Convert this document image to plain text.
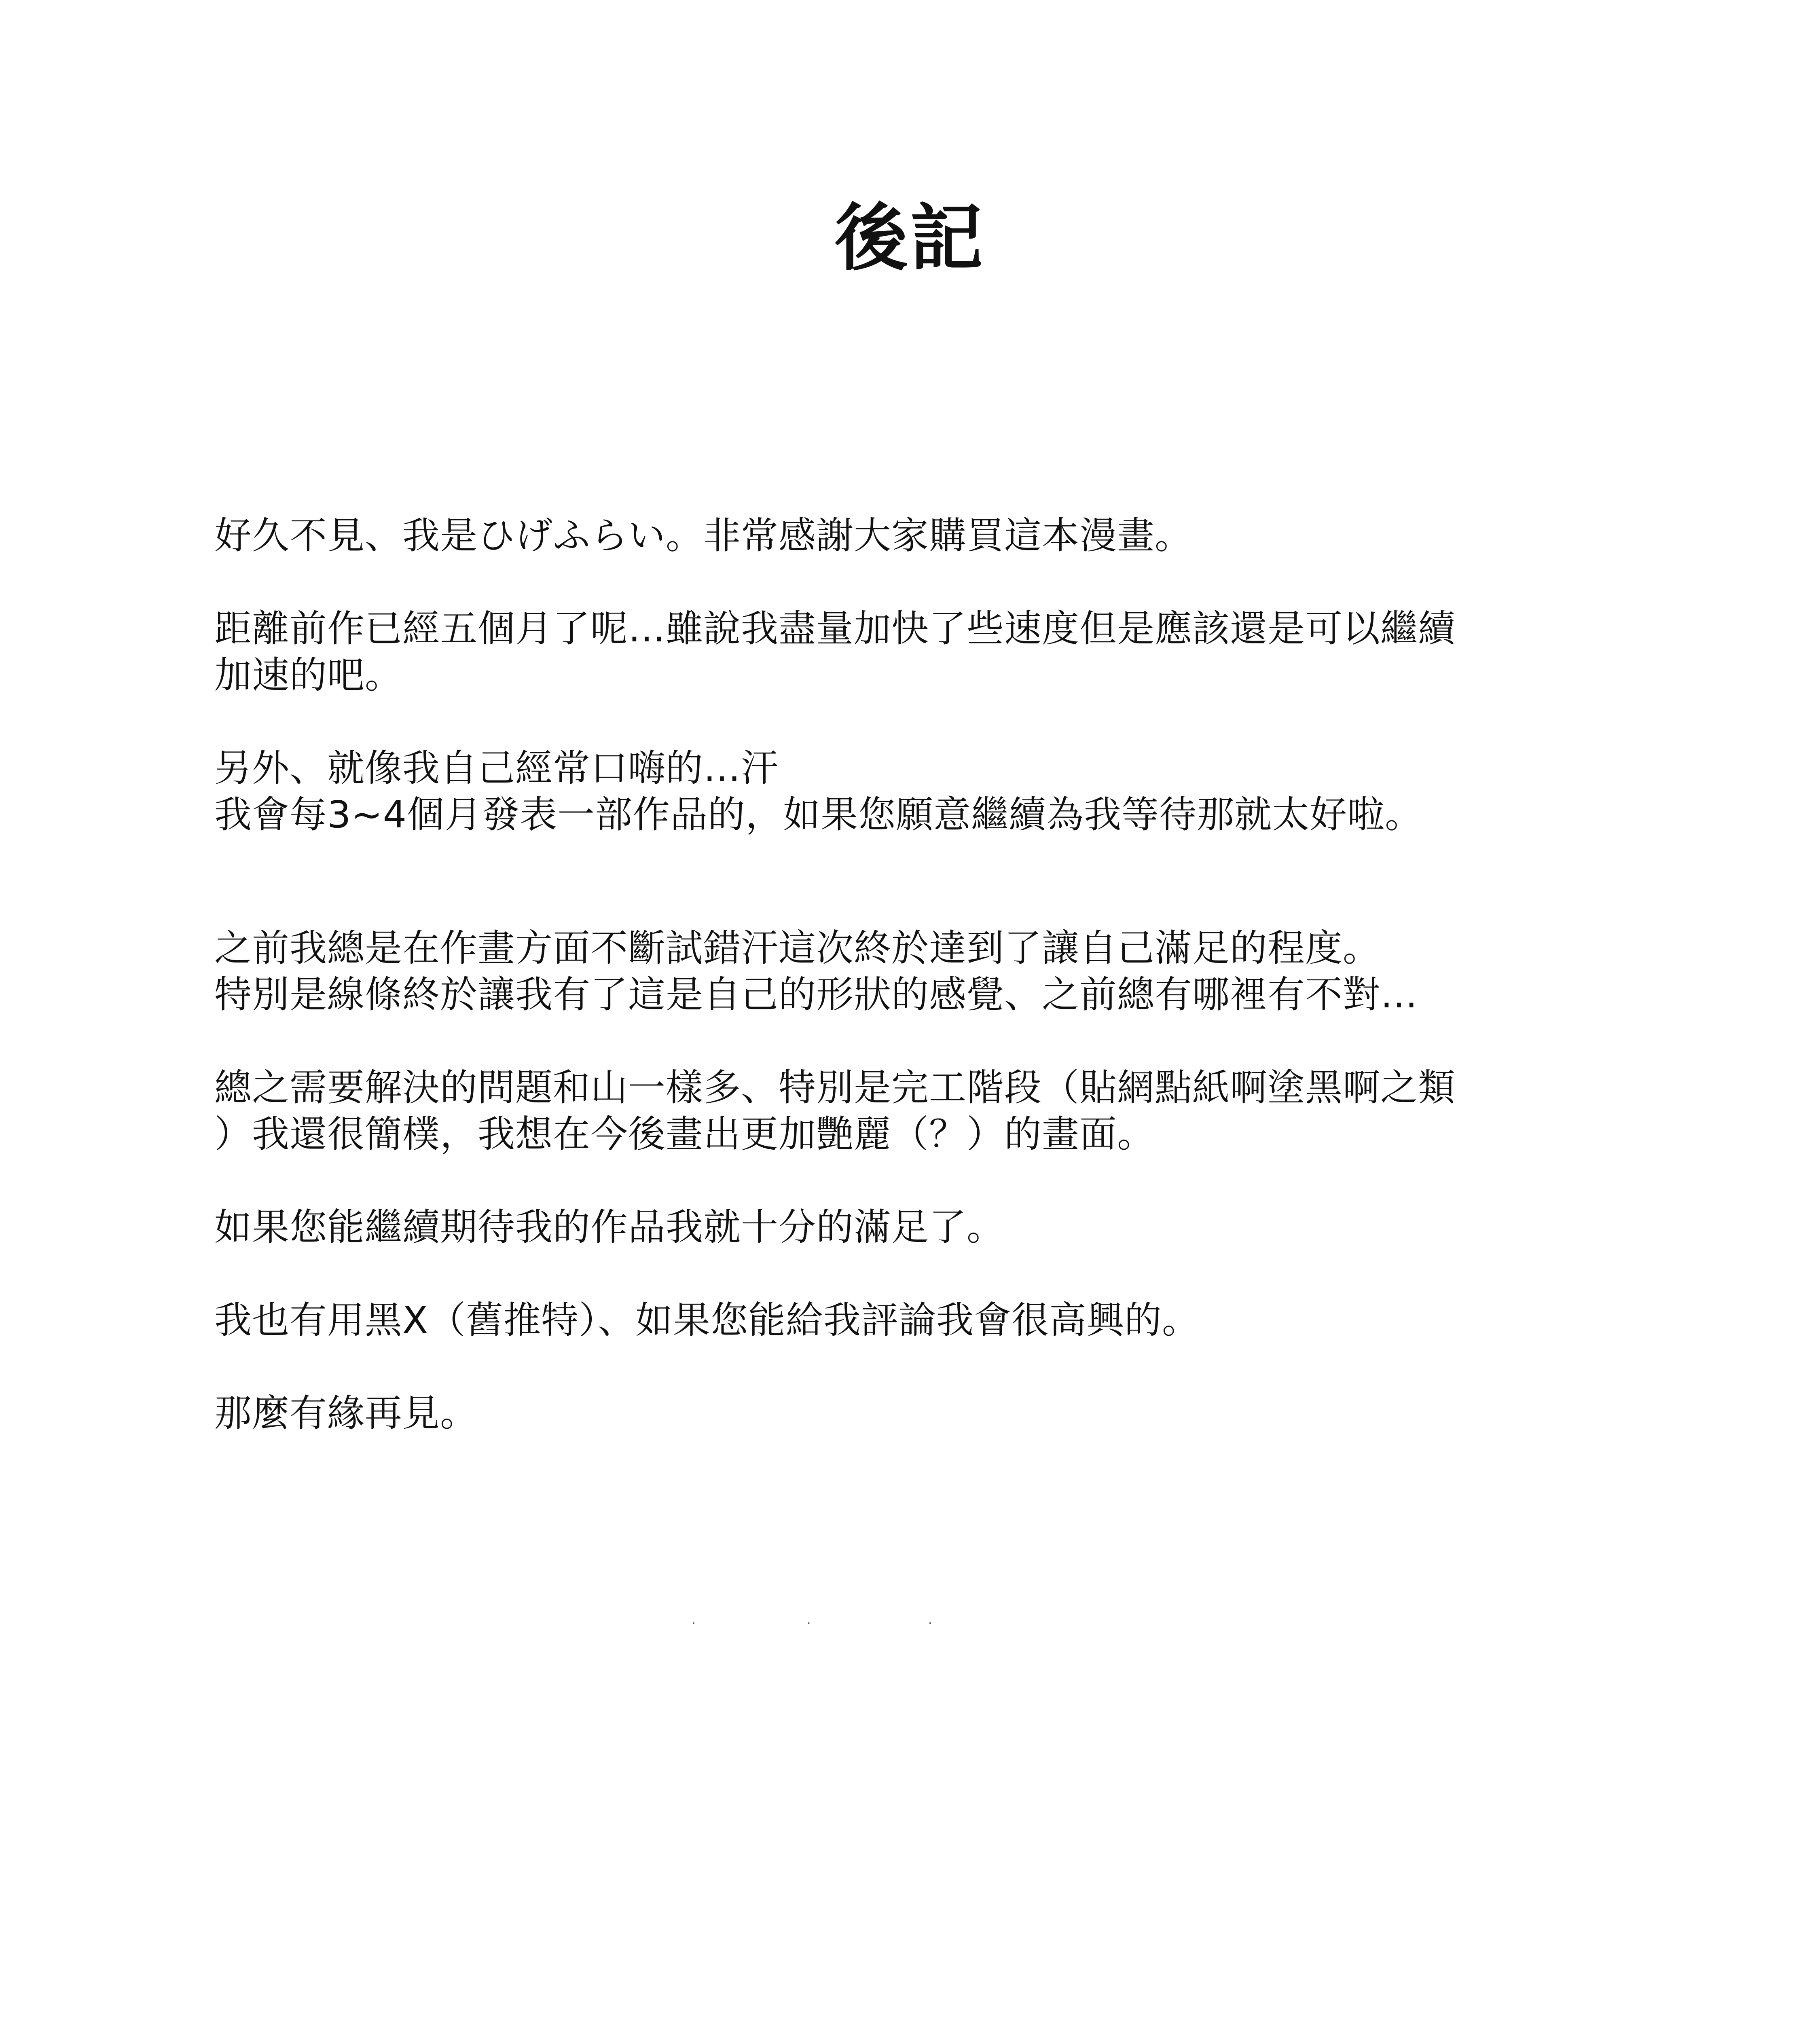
後記
好久不見、我是ひげふらい。非常感謝大家購買這本漫畫。
距離前作已經五個月了呢…雖說我盡量加快了些速度但是應該還是可以繼續
加速的吧。
另外、就像我自己經常口嗨的…汗
我會每3~4個月發表一部作品的，如果您願意繼續為我等待那就太好啦。
之前我總是在作畫方面不斷試錯汗這次終於達到了讓自己滿足的程度。
特別是線條終於讓我有了這是自己的形狀的感覺、之前總有哪裡有不對…
總之需要解決的問題和山一樣多、特別是完工階段（貼網點紙啊塗黑啊之類
）我還很簡樸，我想在今後畫出更加艷麗（？）的畫面。
如果您能繼續期待我的作品我就十分的滿足了。
我也有用黑X（舊推特）、如果您能給我評論我會很高興的。
那麼有緣再見。
·	·	·
